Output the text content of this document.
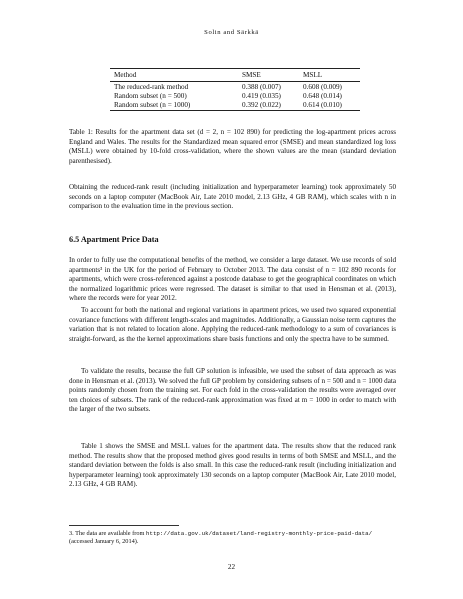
Solin and Särkkä
Method	SMSE	MSLL
The reduced-rank method	0.388 (0.007)	0.608 (0.009)
Random subset (n = 500)	0.419 (0.035)	0.648 (0.014)
Random subset (n = 1000)	0.392 (0.022)	0.614 (0.010)
Table 1: Results for the apartment data set (d = 2, n = 102 890) for predicting the log-apartment prices across England and Wales. The results for the Standardized mean squared error (SMSE) and mean standardized log loss (MSLL) were obtained by 10-fold cross-validation, where the shown values are the mean (standard deviation parenthesised).
Obtaining the reduced-rank result (including initialization and hyperparameter learning) took approximately 50 seconds on a laptop computer (MacBook Air, Late 2010 model, 2.13 GHz, 4 GB RAM), which scales with n in comparison to the evaluation time in the previous section.
6.5 Apartment Price Data
In order to fully use the computational benefits of the method, we consider a large dataset. We use records of sold apartments³ in the UK for the period of February to October 2013. The data consist of n = 102 890 records for apartments, which were cross-referenced against a postcode database to get the geographical coordinates on which the normalized logarithmic prices were regressed. The dataset is similar to that used in Hensman et al. (2013), where the records were for year 2012.
To account for both the national and regional variations in apartment prices, we used two squared exponential covariance functions with different length-scales and magnitudes. Additionally, a Gaussian noise term captures the variation that is not related to location alone. Applying the reduced-rank methodology to a sum of covariances is straight-forward, as the the kernel approximations share basis functions and only the spectra have to be summed.
To validate the results, because the full GP solution is infeasible, we used the subset of data approach as was done in Hensman et al. (2013). We solved the full GP problem by considering subsets of n = 500 and n = 1000 data points randomly chosen from the training set. For each fold in the cross-validation the results were averaged over ten choices of subsets. The rank of the reduced-rank approximation was fixed at m = 1000 in order to match with the larger of the two subsets.
Table 1 shows the SMSE and MSLL values for the apartment data. The results show that the reduced rank method. The results show that the proposed method gives good results in terms of both SMSE and MSLL, and the standard deviation between the folds is also small. In this case the reduced-rank result (including initialization and hyperparameter learning) took approximately 130 seconds on a laptop computer (MacBook Air, Late 2010 model, 2.13 GHz, 4 GB RAM).
3. The data are available from http://data.gov.uk/dataset/land-registry-monthly-price-paid-data/ (accessed January 6, 2014).
22
